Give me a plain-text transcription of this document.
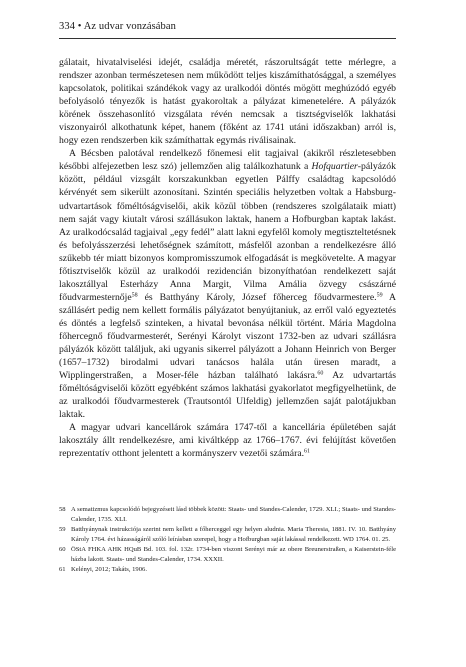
334 • Az udvar vonzásában

gálatait, hivatalviselési idejét, családja méretét, rászorultságát tette mérlegre, a rendszer azonban természetesen nem működött teljes kiszámíthatósággal, a személyes kapcsolatok, politikai szándékok vagy az uralkodói döntés mögött meghúzódó egyéb befolyásoló tényezők is hatást gyakoroltak a pályázat kimenetelére. A pályázók körének összehasonlító vizsgálata révén nemcsak a tisztségviselők lakhatási viszonyairól alkothatunk képet, hanem (főként az 1741 utáni időszakban) arról is, hogy ezen rendszerben kik számíthattak egymás riválisainak.

A Bécsben palotával rendelkező főnemesi elit tagjaival (akikről részletesebben későbbi alfejezetben lesz szó) jellemzően alig találkozhatunk a Hofquartier-pályázók között, például vizsgált korszakunkban egyetlen Pálffy családtag kapcsolódó kérvényét sem sikerült azonosítani. Szintén speciális helyzetben voltak a Habsburg-udvartartások főméltóságviselői, akik közül többen (rendszeres szolgálataik miatt) nem saját vagy kiutalt városi szállásukon laktak, hanem a Hofburgban kaptak lakást. Az uralkodócsalád tagjaival „egy fedél” alatt lakni egyfelől komoly megtiszteltetésnek és befolyásszerzési lehetőségnek számított, másfelől azonban a rendelkezésre álló szűkebb tér miatt bizonyos kompromisszumok elfogadását is megkövetelte. A magyar főtisztviselők közül az uralkodói rezidencián bizonyíthatóan rendelkezett saját lakosztállyal Esterházy Anna Margit, Vilma Amália özvegy császárné főudvarmesternője$^{58}$ és Batthyány Károly, József főherceg főudvarmestere.$^{59}$ A szállásért pedig nem kellett formális pályázatot benyújtaniuk, az erről való egyeztetés és döntés a legfelső szinteken, a hivatal bevonása nélkül történt. Mária Magdolna főhercegnő főudvarmesterét, Serényi Károlyt viszont 1732-ben az udvari szállásra pályázók között találjuk, aki ugyanis sikerrel pályázott a Johann Heinrich von Berger (1657–1732) birodalmi udvari tanácsos halála után üresen maradt, a Wipplingerstraßen, a Moser-féle házban található lakásra.$^{60}$ Az udvartartás főméltóságviselői között egyébként számos lakhatási gyakorlatot megfigyelhetünk, de az uralkodói főudvarmesterek (Trautsontól Ulfeldig) jellemzően saját palotájukban laktak.

A magyar udvari kancellárok számára 1747-től a kancellária épületében saját lakosztály állt rendelkezésre, ami kiváltképp az 1766–1767. évi felújítást követően reprezentatív otthont jelentett a kormányszerv vezetői számára.$^{61}$

58 A sematizmus kapcsolódó bejegyzéseit lásd többek között: Staats- und Standes-Calender, 1729. XLI.; Staats- und Standes-Calender, 1735. XLI.
59 Batthyánynak instrukciója szerint nem kellett a főherceggel egy helyen aludnia. Maria Theresia, 1881. IV. 10. Batthyány Károly 1764. évi házasságáról szóló leírásban szerepel, hogy a Hofburgban saját lakással rendelkezett. WD 1764. 01. 25.
60 ÖStA FHKA AHK HQuB Bd. 103. fol. 132r. 1734-ben viszont Serényi már az obere Breunerstraßen, a Kaiserstein-féle házba lakott. Staats- und Standes-Calender, 1734. XXXII.
61 Kelényi, 2012; Takáts, 1906.
